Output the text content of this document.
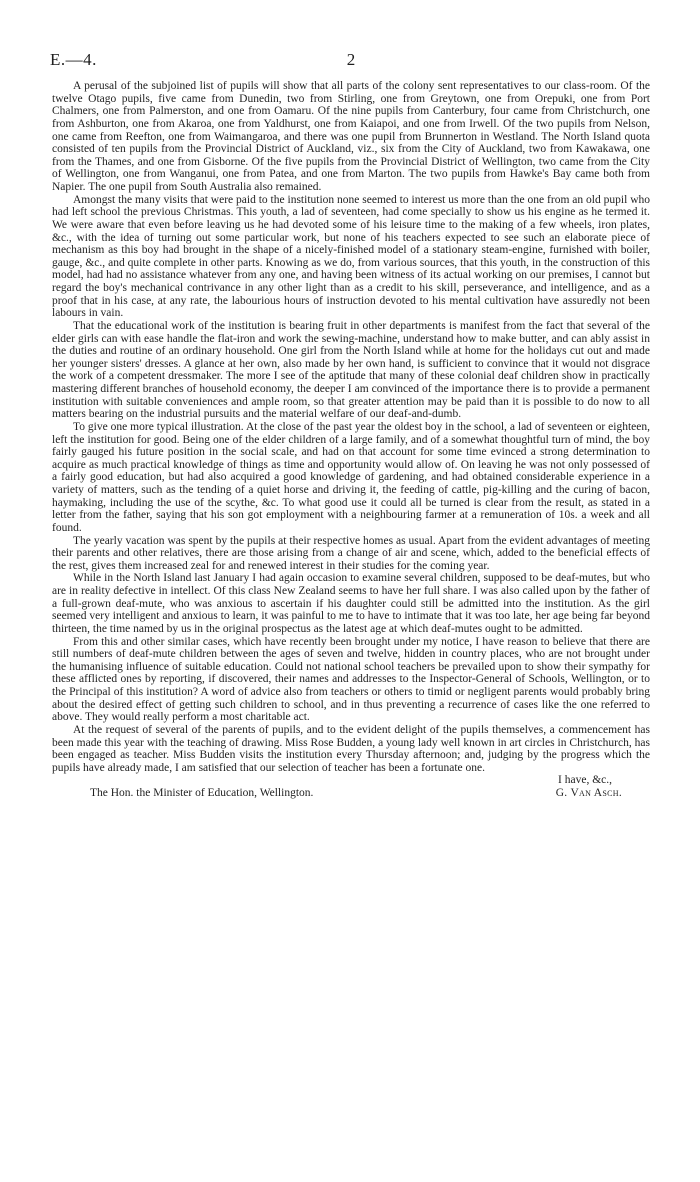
E.—4.	2

A perusal of the subjoined list of pupils will show that all parts of the colony sent representatives to our class-room. Of the twelve Otago pupils, five came from Dunedin, two from Stirling, one from Greytown, one from Orepuki, one from Port Chalmers, one from Palmerston, and one from Oamaru. Of the nine pupils from Canterbury, four came from Christchurch, one from Ashburton, one from Akaroa, one from Yaldhurst, one from Kaiapoi, and one from Irwell. Of the two pupils from Nelson, one came from Reefton, one from Waimangaroa, and there was one pupil from Brunnerton in Westland. The North Island quota consisted of ten pupils from the Provincial District of Auckland, viz., six from the City of Auckland, two from Kawakawa, one from the Thames, and one from Gisborne. Of the five pupils from the Provincial District of Wellington, two came from the City of Wellington, one from Wanganui, one from Patea, and one from Marton. The two pupils from Hawke's Bay came both from Napier. The one pupil from South Australia also remained.

Amongst the many visits that were paid to the institution none seemed to interest us more than the one from an old pupil who had left school the previous Christmas. This youth, a lad of seventeen, had come specially to show us his engine as he termed it. We were aware that even before leaving us he had devoted some of his leisure time to the making of a few wheels, iron plates, &c., with the idea of turning out some particular work, but none of his teachers expected to see such an elaborate piece of mechanism as this boy had brought in the shape of a nicely-finished model of a stationary steam-engine, furnished with boiler, gauge, &c., and quite complete in other parts. Knowing as we do, from various sources, that this youth, in the construction of this model, had had no assistance whatever from any one, and having been witness of its actual working on our premises, I cannot but regard the boy's mechanical contrivance in any other light than as a credit to his skill, perseverance, and intelligence, and as a proof that in his case, at any rate, the labourious hours of instruction devoted to his mental cultivation have assuredly not been labours in vain.

That the educational work of the institution is bearing fruit in other departments is manifest from the fact that several of the elder girls can with ease handle the flat-iron and work the sewing-machine, understand how to make butter, and can ably assist in the duties and routine of an ordinary household. One girl from the North Island while at home for the holidays cut out and made her younger sisters' dresses. A glance at her own, also made by her own hand, is sufficient to convince that it would not disgrace the work of a competent dressmaker. The more I see of the aptitude that many of these colonial deaf children show in practically mastering different branches of household economy, the deeper I am convinced of the importance there is to provide a permanent institution with suitable conveniences and ample room, so that greater attention may be paid than it is possible to do now to all matters bearing on the industrial pursuits and the material welfare of our deaf-and-dumb.

To give one more typical illustration. At the close of the past year the oldest boy in the school, a lad of seventeen or eighteen, left the institution for good. Being one of the elder children of a large family, and of a somewhat thoughtful turn of mind, the boy fairly gauged his future position in the social scale, and had on that account for some time evinced a strong determination to acquire as much practical knowledge of things as time and opportunity would allow of. On leaving he was not only possessed of a fairly good education, but had also acquired a good knowledge of gardening, and had obtained considerable experience in a variety of matters, such as the tending of a quiet horse and driving it, the feeding of cattle, pig-killing and the curing of bacon, haymaking, including the use of the scythe, &c. To what good use it could all be turned is clear from the result, as stated in a letter from the father, saying that his son got employment with a neighbouring farmer at a remuneration of 10s. a week and all found.

The yearly vacation was spent by the pupils at their respective homes as usual. Apart from the evident advantages of meeting their parents and other relatives, there are those arising from a change of air and scene, which, added to the beneficial effects of the rest, gives them increased zeal for and renewed interest in their studies for the coming year.

While in the North Island last January I had again occasion to examine several children, supposed to be deaf-mutes, but who are in reality defective in intellect. Of this class New Zealand seems to have her full share. I was also called upon by the father of a full-grown deaf-mute, who was anxious to ascertain if his daughter could still be admitted into the institution. As the girl seemed very intelligent and anxious to learn, it was painful to me to have to intimate that it was too late, her age being far beyond thirteen, the time named by us in the original prospectus as the latest age at which deaf-mutes ought to be admitted.

From this and other similar cases, which have recently been brought under my notice, I have reason to believe that there are still numbers of deaf-mute children between the ages of seven and twelve, hidden in country places, who are not brought under the humanising influence of suitable education. Could not national school teachers be prevailed upon to show their sympathy for these afflicted ones by reporting, if discovered, their names and addresses to the Inspector-General of Schools, Wellington, or to the Principal of this institution? A word of advice also from teachers or others to timid or negligent parents would probably bring about the desired effect of getting such children to school, and in thus preventing a recurrence of cases like the one referred to above. They would really perform a most charitable act.

At the request of several of the parents of pupils, and to the evident delight of the pupils themselves, a commencement has been made this year with the teaching of drawing. Miss Rose Budden, a young lady well known in art circles in Christchurch, has been engaged as teacher. Miss Budden visits the institution every Thursday afternoon; and, judging by the progress which the pupils have already made, I am satisfied that our selection of teacher has been a fortunate one.

I have, &c.,
The Hon. the Minister of Education, Wellington.	G. Van Asch.
